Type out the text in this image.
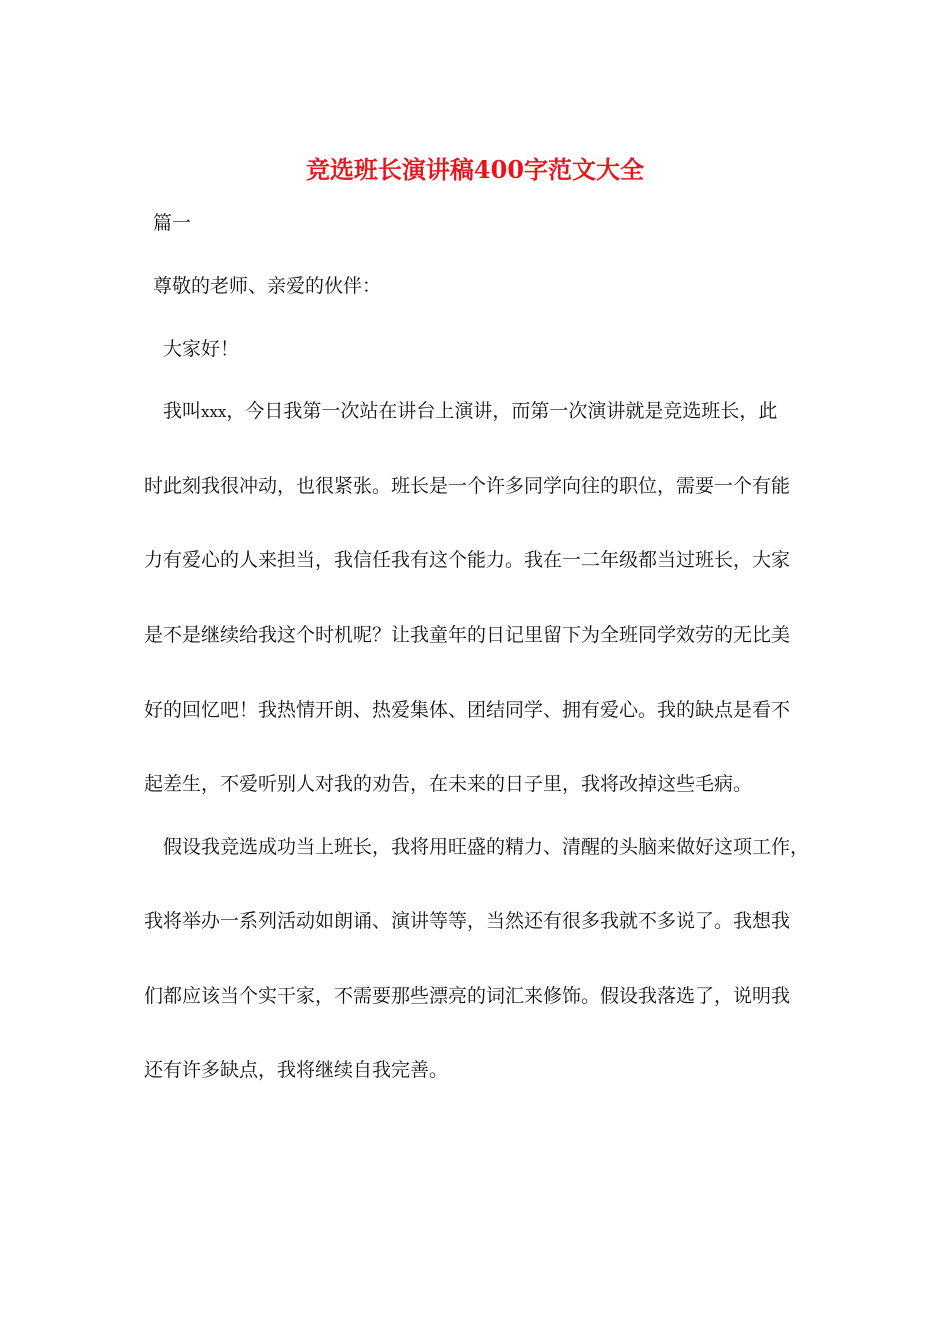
竞选班长演讲稿400字范文大全

篇一

尊敬的老师、亲爱的伙伴：

大家好！

我叫xxx，今日我第一次站在讲台上演讲，而第一次演讲就是竞选班长，此

时此刻我很冲动，也很紧张。班长是一个许多同学向往的职位，需要一个有能

力有爱心的人来担当，我信任我有这个能力。我在一二年级都当过班长，大家

是不是继续给我这个时机呢？让我童年的日记里留下为全班同学效劳的无比美

好的回忆吧！我热情开朗、热爱集体、团结同学、拥有爱心。我的缺点是看不

起差生，不爱听别人对我的劝告，在未来的日子里，我将改掉这些毛病。

假设我竞选成功当上班长，我将用旺盛的精力、清醒的头脑来做好这项工作，

我将举办一系列活动如朗诵、演讲等等，当然还有很多我就不多说了。我想我

们都应该当个实干家，不需要那些漂亮的词汇来修饰。假设我落选了，说明我

还有许多缺点，我将继续自我完善。
